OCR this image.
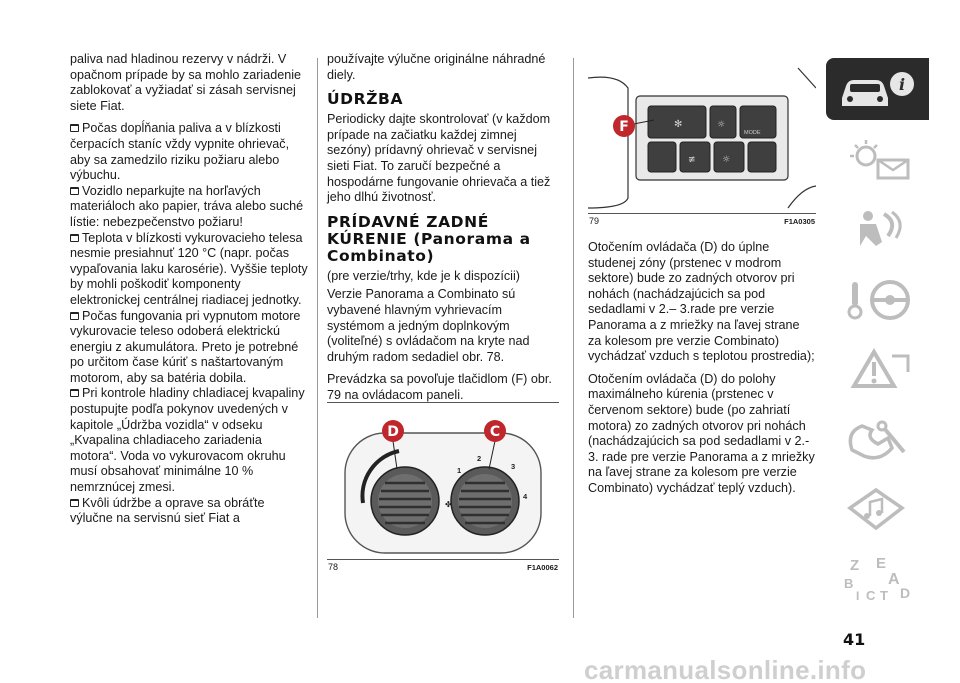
paliva nad hladinou rezervy v nádrži. V opačnom prípade by sa mohlo zariadenie zablokovať a vyžiadať si zásah servisnej siete Fiat.

Počas dopĺňania paliva a v blízkosti čerpacích staníc vždy vypnite ohrievač, aby sa zamedzilo riziku požiaru alebo výbuchu.
Vozidlo neparkujte na horľavých materiáloch ako papier, tráva alebo suché lístie: nebezpečenstvo požiaru!
Teplota v blízkosti vykurovacieho telesa nesmie presiahnuť 120 °C (napr. počas vypaľovania laku karosérie). Vyššie teploty by mohli poškodiť komponenty elektronickej centrálnej riadiacej jednotky.
Počas fungovania pri vypnutom motore vykurovacie teleso odoberá elektrickú energiu z akumulátora. Preto je potrebné po určitom čase kúriť s naštartovaným motorom, aby sa batéria dobila.
Pri kontrole hladiny chladiacej kvapaliny postupujte podľa pokynov uvedených v kapitole „Údržba vozidla“ v odseku „Kvapalina chladiaceho zariadenia motora“. Voda vo vykurovacom okruhu musí obsahovať minimálne 10 % nemrznúcej zmesi.
Kvôli údržbe a oprave sa obráťte výlučne na servisnú sieť Fiat a

používajte výlučne originálne náhradné diely.

ÚDRŽBA

Periodicky dajte skontrolovať (v každom prípade na začiatku každej zimnej sezóny) prídavný ohrievač v servisnej sieti Fiat. To zaručí bezpečné a hospodárne fungovanie ohrievača a tiež jeho dlhú životnosť.

PRÍDAVNÉ ZADNÉ KÚRENIE (Panorama a Combinato)

(pre verzie/trhy, kde je k dispozícii)

Verzie Panorama a Combinato sú vybavené hlavným vyhrievacím systémom a jedným doplnkovým (voliteľné) s ovládačom na kryte nad druhým radom sedadiel obr. 78.

Prevádzka sa povoľuje tlačidlom (F) obr. 79 na ovládacom paneli.

✤
1
2
3
4
D	C
78	F1A0062
✻	☼
MODE
≢	☼
F
79	F1A0305

Otočením ovládača (D) do úplne studenej zóny (prstenec v modrom sektore) bude zo zadných otvorov pri nohách (nachádzajúcich sa pod sedadlami v 2.– 3.rade pre verzie Panorama a z mriežky na ľavej strane za kolesom pre verzie Combinato) vychádzať vzduch s teplotou prostredia);

Otočením ovládača (D) do polohy maximálneho kúrenia (prstenec v červenom sektore) bude (po zahriatí motora) zo zadných otvorov pri nohách (nachádzajúcich sa pod sedadlami v 2.- 3. rade pre verzie Panorama a z mriežky na ľavej strane za kolesom pre verzie Combinato) vychádzať teplý vzduch).

i
Z E
B A
I C T D
41
carmanualsonline.info
